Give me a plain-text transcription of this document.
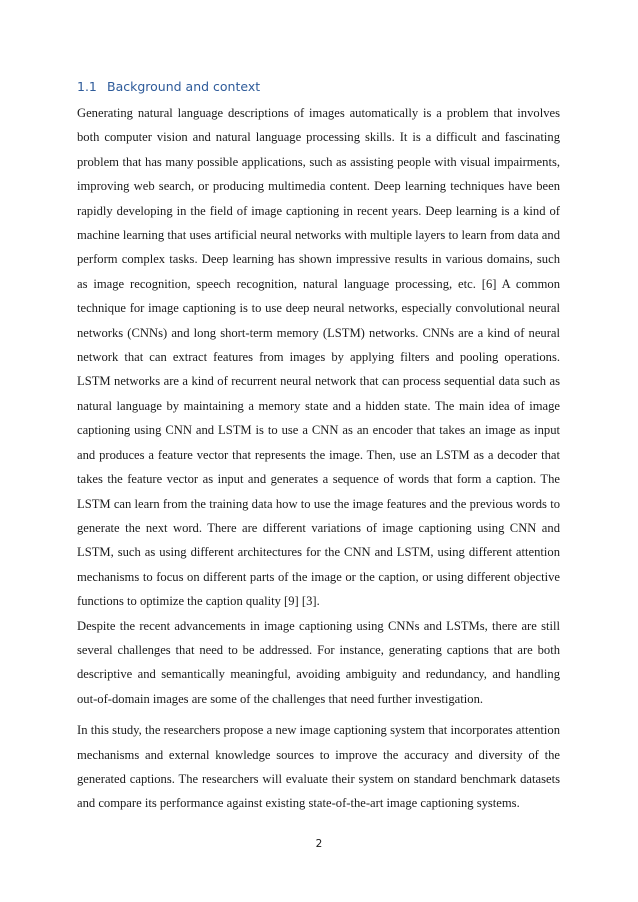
1.1 Background and context

Generating natural language descriptions of images automatically is a problem that involves both computer vision and natural language processing skills. It is a difficult and fascinating problem that has many possible applications, such as assisting people with visual impairments, improving web search, or producing multimedia content. Deep learning techniques have been rapidly developing in the field of image captioning in recent years. Deep learning is a kind of machine learning that uses artificial neural networks with multiple layers to learn from data and perform complex tasks. Deep learning has shown impressive results in various domains, such as image recognition, speech recognition, natural language processing, etc. [6] A common technique for image captioning is to use deep neural networks, especially convolutional neural networks (CNNs) and long short-term memory (LSTM) networks. CNNs are a kind of neural network that can extract features from images by applying filters and pooling operations. LSTM networks are a kind of recurrent neural network that can process sequential data such as natural language by maintaining a memory state and a hidden state. The main idea of image captioning using CNN and LSTM is to use a CNN as an encoder that takes an image as input and produces a feature vector that represents the image. Then, use an LSTM as a decoder that takes the feature vector as input and generates a sequence of words that form a caption. The LSTM can learn from the training data how to use the image features and the previous words to generate the next word. There are different variations of image captioning using CNN and LSTM, such as using different architectures for the CNN and LSTM, using different attention mechanisms to focus on different parts of the image or the caption, or using different objective functions to optimize the caption quality [9] [3].

Despite the recent advancements in image captioning using CNNs and LSTMs, there are still several challenges that need to be addressed. For instance, generating captions that are both descriptive and semantically meaningful, avoiding ambiguity and redundancy, and handling out-of-domain images are some of the challenges that need further investigation.

In this study, the researchers propose a new image captioning system that incorporates attention mechanisms and external knowledge sources to improve the accuracy and diversity of the generated captions. The researchers will evaluate their system on standard benchmark datasets and compare its performance against existing state-of-the-art image captioning systems.

2
